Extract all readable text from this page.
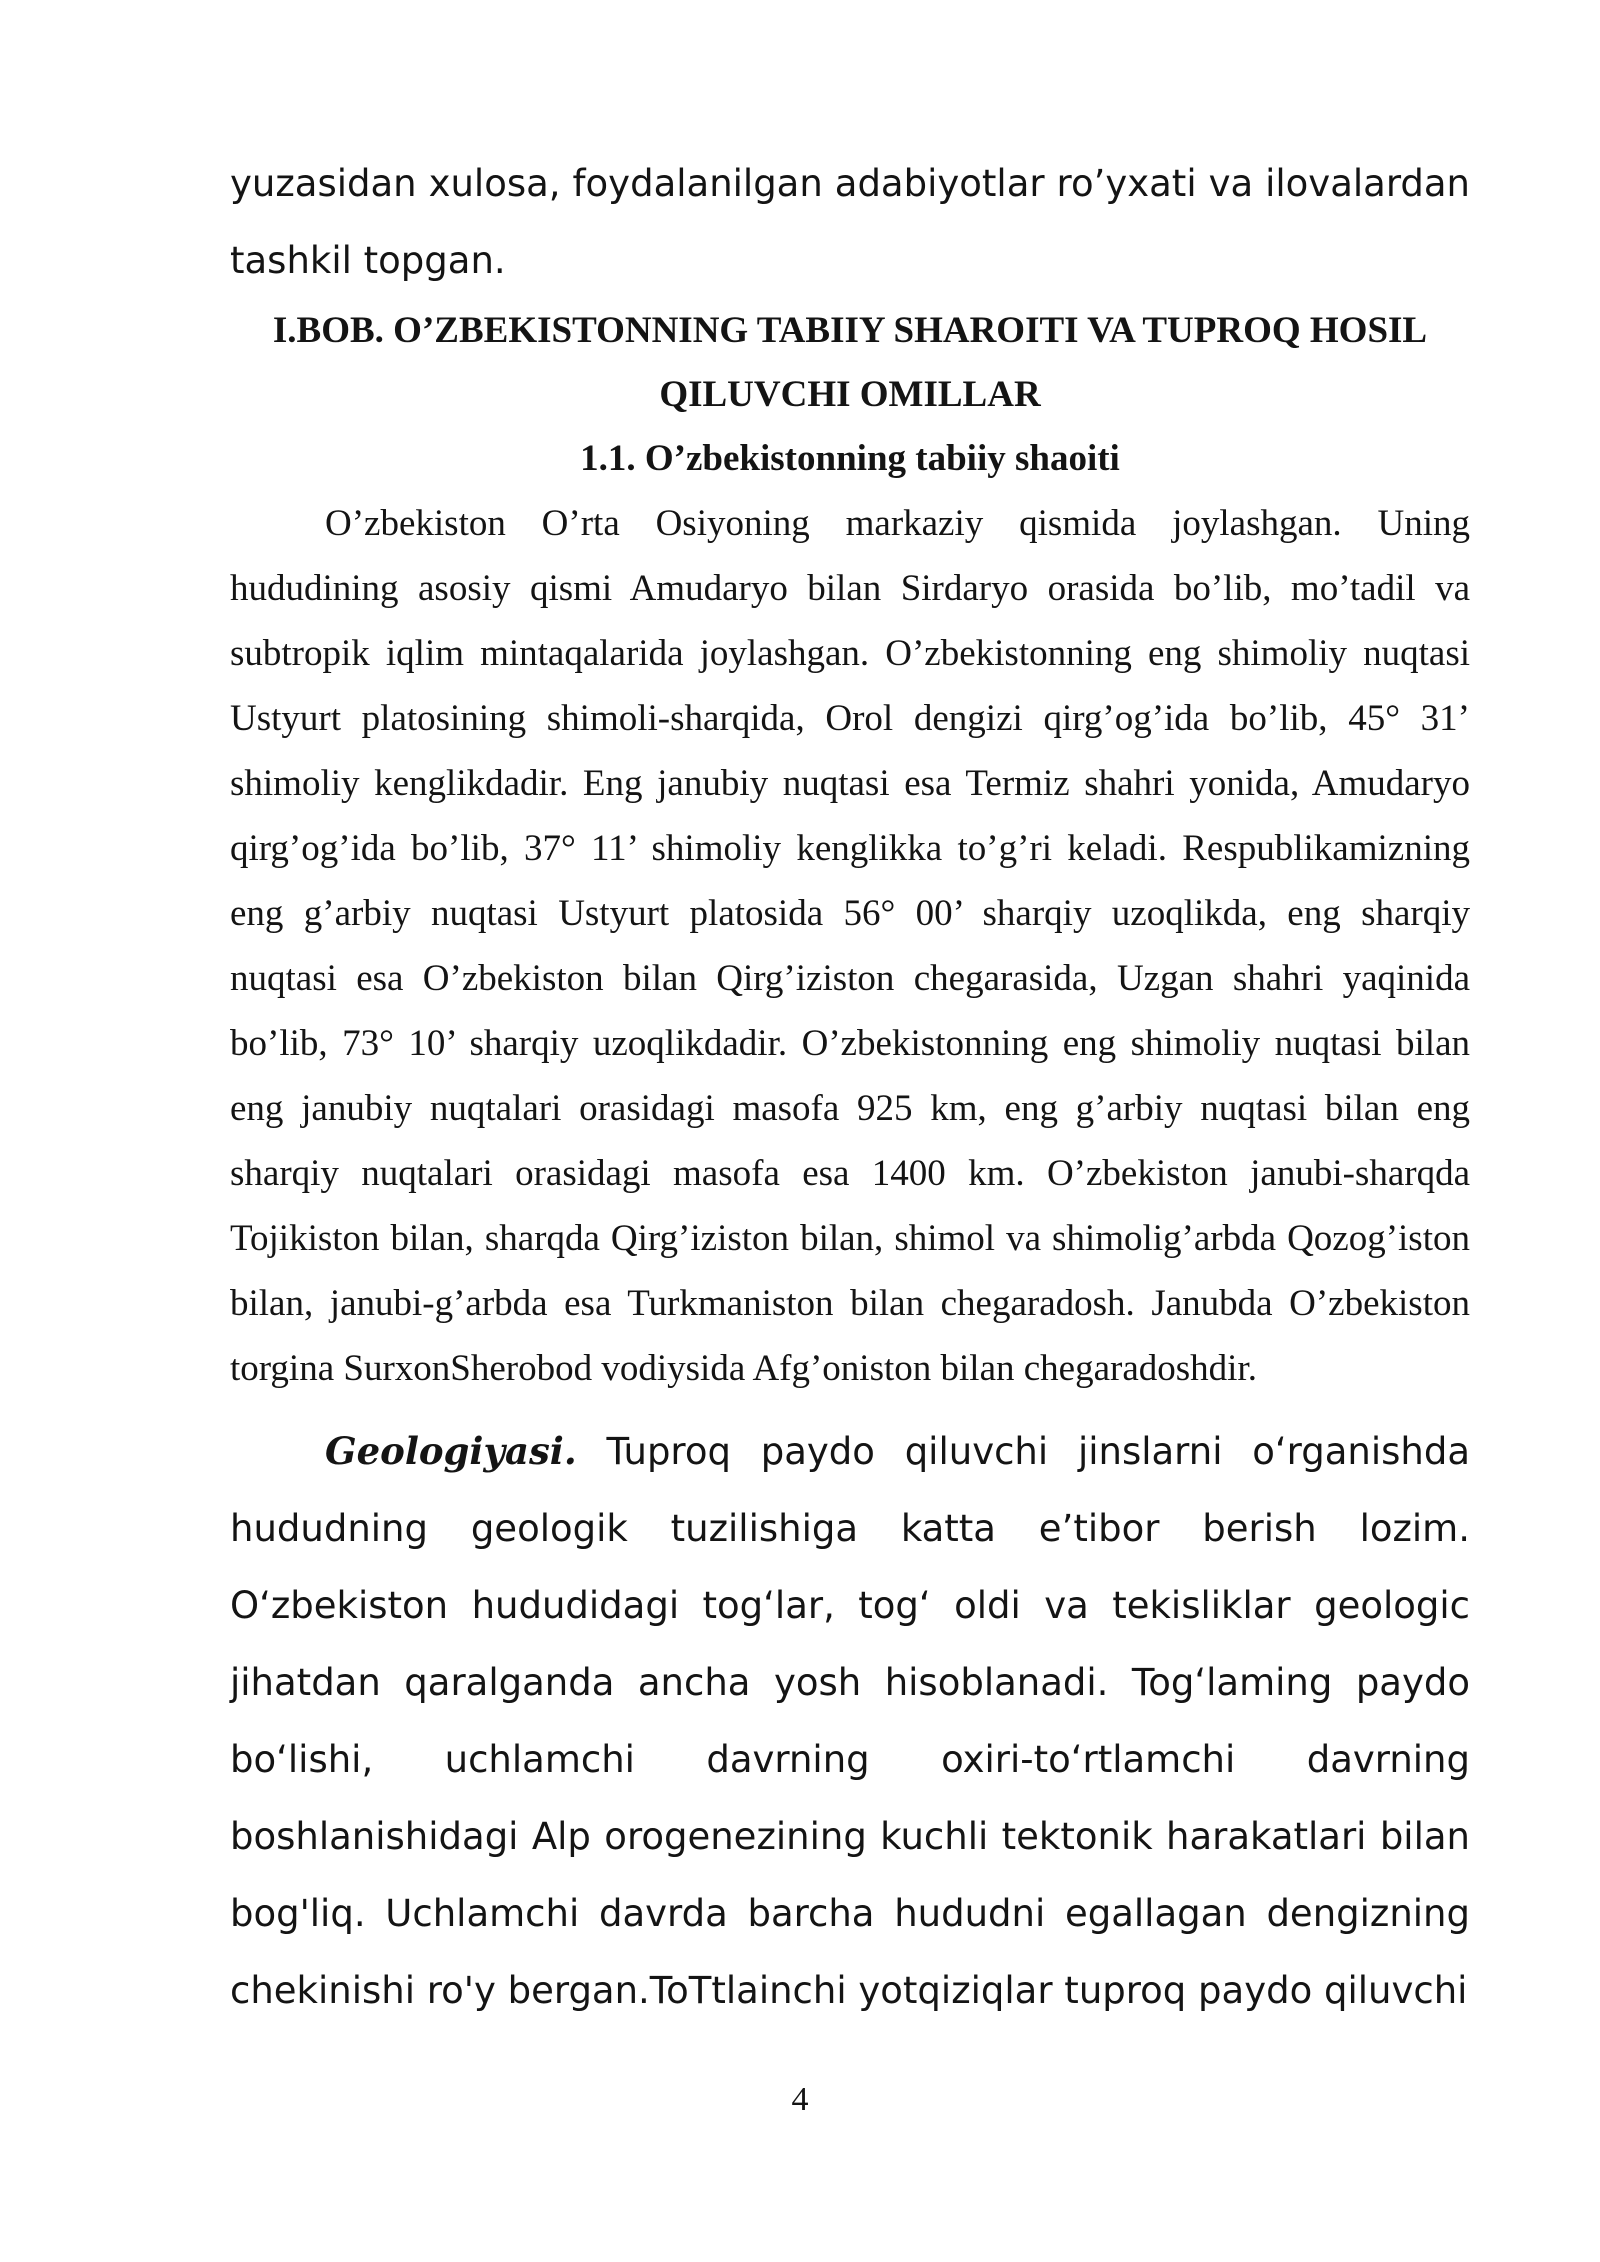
yuzasidan xulosa, foydalanilgan adabiyotlar ro’yxati va ilovalardan tashkil topgan.

I.BOB. O’ZBEKISTONNING TABIIY SHAROITI VA TUPROQ HOSIL
QILUVCHI OMILLAR
1.1. O’zbekistonning tabiiy shaoiti

O’zbekiston O’rta Osiyoning markaziy qismida joylashgan. Uning hududining asosiy qismi Amudaryo bilan Sirdaryo orasida bo’lib, mo’tadil va subtropik iqlim mintaqalarida joylashgan. O’zbekistonning eng shimoliy nuqtasi Ustyurt platosining shimoli-sharqida, Orol dengizi qirg’og’ida bo’lib, 45° 31’ shimoliy kenglikdadir. Eng janubiy nuqtasi esa Termiz shahri yonida, Amudaryo qirg’og’ida bo’lib, 37° 11’ shimoliy kenglikka to’g’ri keladi. Respublikamizning eng g’arbiy nuqtasi Ustyurt platosida 56° 00’ sharqiy uzoqlikda, eng sharqiy nuqtasi esa O’zbekiston bilan Qirg’iziston chegarasida, Uzgan shahri yaqinida bo’lib, 73° 10’ sharqiy uzoqlikdadir. O’zbekistonning eng shimoliy nuqtasi bilan eng janubiy nuqtalari orasidagi masofa 925 km, eng g’arbiy nuqtasi bilan eng sharqiy nuqtalari orasidagi masofa esa 1400 km. O’zbekiston janubi-sharqda Tojikiston bilan, sharqda Qirg’iziston bilan, shimol va shimolig’arbda Qozog’iston bilan, janubi-g’arbda esa Turkmaniston bilan chegaradosh. Janubda O’zbekiston torgina SurxonSherobod vodiysida Afg’oniston bilan chegaradoshdir.

Geologiyasi. Tuproq paydo qiluvchi jinslarni o‘rganishda hududning geologik tuzilishiga katta e’tibor berish lozim. O‘zbekiston hududidagi tog‘lar, tog‘ oldi va tekisliklar geologic jihatdan qaralganda ancha yosh hisoblanadi. Tog‘laming paydo bo‘lishi, uchlamchi davrning oxiri-to‘rtlamchi davrning boshlanishidagi Alp orogenezining kuchli tektonik harakatlari bilan bog'liq. Uchlamchi davrda barcha hududni egallagan dengizning chekinishi ro'y bergan.ToTtlainchi yotqiziqlar tuproq paydo qiluvchi

4
